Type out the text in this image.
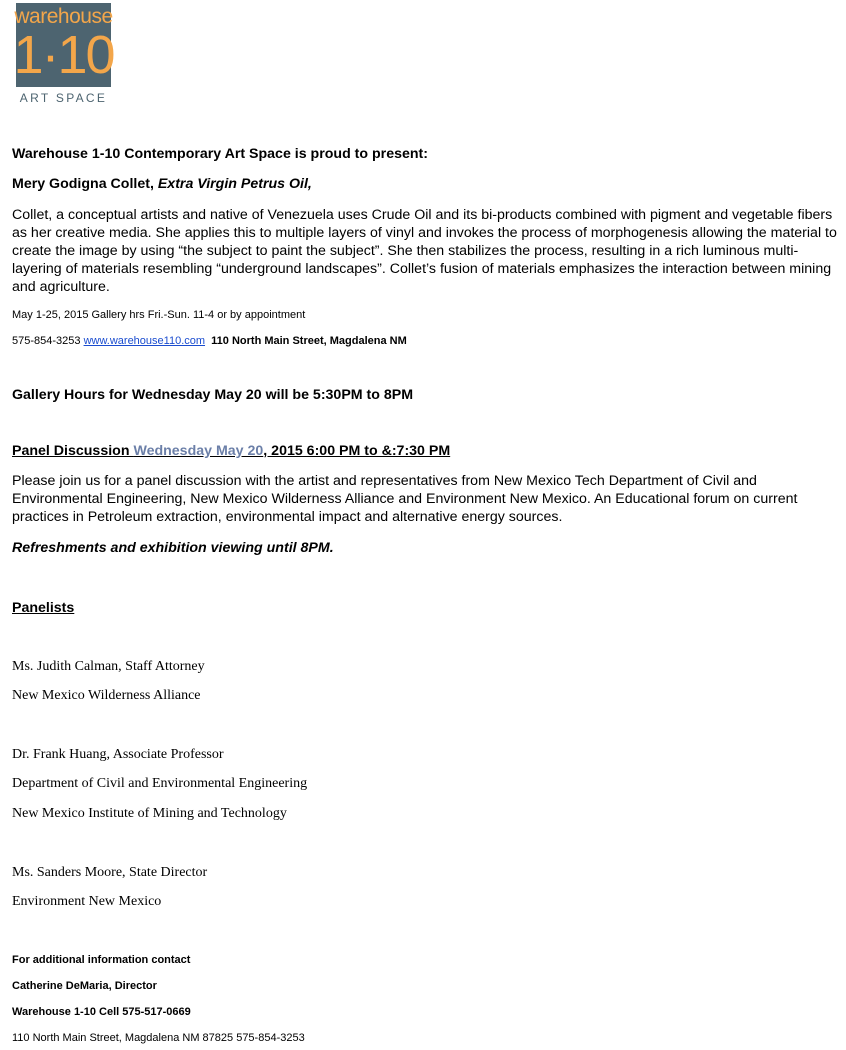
warehouse
1·10
ART SPACE

Warehouse 1-10 Contemporary Art Space is proud to present:

Mery Godigna Collet, Extra Virgin Petrus Oil,

Collet, a conceptual artists and native of Venezuela uses Crude Oil and its bi-products combined with pigment and vegetable fibers as her creative media. She applies this to multiple layers of vinyl and invokes the process of morphogenesis allowing the material to create the image by using “the subject to paint the subject”. She then stabilizes the process, resulting in a rich luminous multi-layering of materials resembling “underground landscapes”. Collet’s fusion of materials emphasizes the interaction between mining and agriculture.

May 1-25, 2015 Gallery hrs Fri.-Sun. 11-4 or by appointment

575-854-3253 www.warehouse110.com 110 North Main Street, Magdalena NM

Gallery Hours for Wednesday May 20 will be 5:30PM to 8PM

Panel Discussion Wednesday May 20, 2015 6:00 PM to &:7:30 PM

Please join us for a panel discussion with the artist and representatives from New Mexico Tech Department of Civil and Environmental Engineering, New Mexico Wilderness Alliance and Environment New Mexico. An Educational forum on current practices in Petroleum extraction, environmental impact and alternative energy sources.

Refreshments and exhibition viewing until 8PM.

Panelists

Ms. Judith Calman, Staff Attorney

New Mexico Wilderness Alliance

Dr. Frank Huang, Associate Professor

Department of Civil and Environmental Engineering

New Mexico Institute of Mining and Technology

Ms. Sanders Moore, State Director

Environment New Mexico

For additional information contact

Catherine DeMaria, Director

Warehouse 1-10 Cell 575-517-0669

110 North Main Street, Magdalena NM 87825 575-854-3253
